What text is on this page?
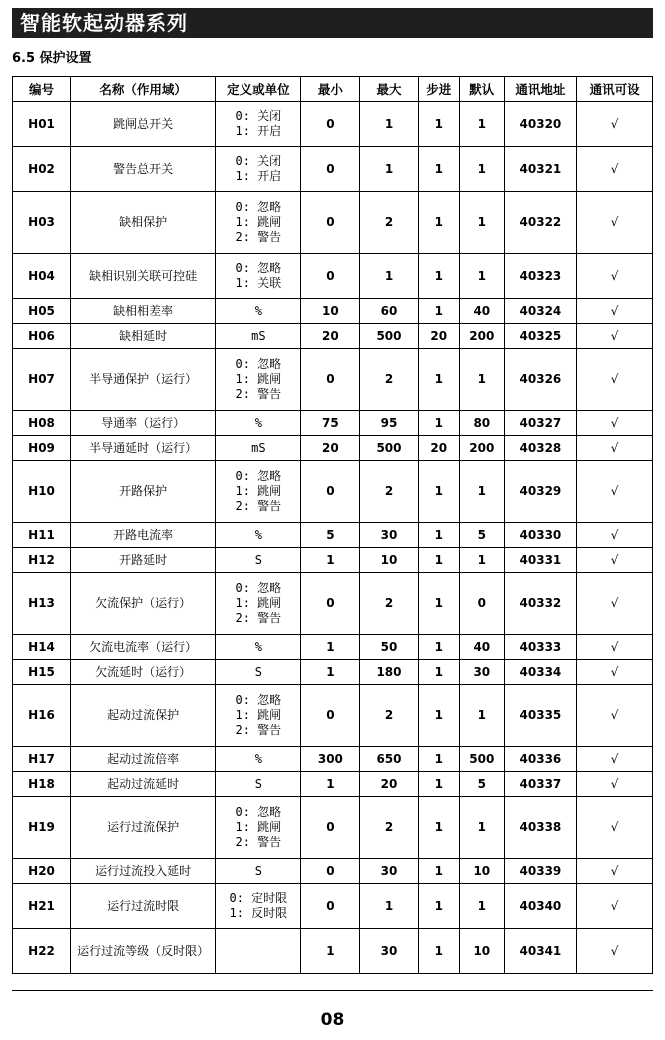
智能软起动器系列
6.5 保护设置
编号	名称（作用域）	定义或单位	最小	最大	步进	默认	通讯地址	通讯可设
H01	跳闸总开关	0: 关闭
1: 开启	0	1	1	1	40320	√
H02	警告总开关	0: 关闭
1: 开启	0	1	1	1	40321	√
H03	缺相保护	0: 忽略
1: 跳闸
2: 警告	0	2	1	1	40322	√
H04	缺相识别关联可控硅	0: 忽略
1: 关联	0	1	1	1	40323	√
H05	缺相相差率	%	10	60	1	40	40324	√
H06	缺相延时	mS	20	500	20	200	40325	√
H07	半导通保护（运行）	0: 忽略
1: 跳闸
2: 警告	0	2	1	1	40326	√
H08	导通率（运行）	%	75	95	1	80	40327	√
H09	半导通延时（运行）	mS	20	500	20	200	40328	√
H10	开路保护	0: 忽略
1: 跳闸
2: 警告	0	2	1	1	40329	√
H11	开路电流率	%	5	30	1	5	40330	√
H12	开路延时	S	1	10	1	1	40331	√
H13	欠流保护（运行）	0: 忽略
1: 跳闸
2: 警告	0	2	1	0	40332	√
H14	欠流电流率（运行）	%	1	50	1	40	40333	√
H15	欠流延时（运行）	S	1	180	1	30	40334	√
H16	起动过流保护	0: 忽略
1: 跳闸
2: 警告	0	2	1	1	40335	√
H17	起动过流倍率	%	300	650	1	500	40336	√
H18	起动过流延时	S	1	20	1	5	40337	√
H19	运行过流保护	0: 忽略
1: 跳闸
2: 警告	0	2	1	1	40338	√
H20	运行过流投入延时	S	0	30	1	10	40339	√
H21	运行过流时限	0: 定时限
1: 反时限	0	1	1	1	40340	√
H22	运行过流等级（反时限）		1	30	1	10	40341	√
08
